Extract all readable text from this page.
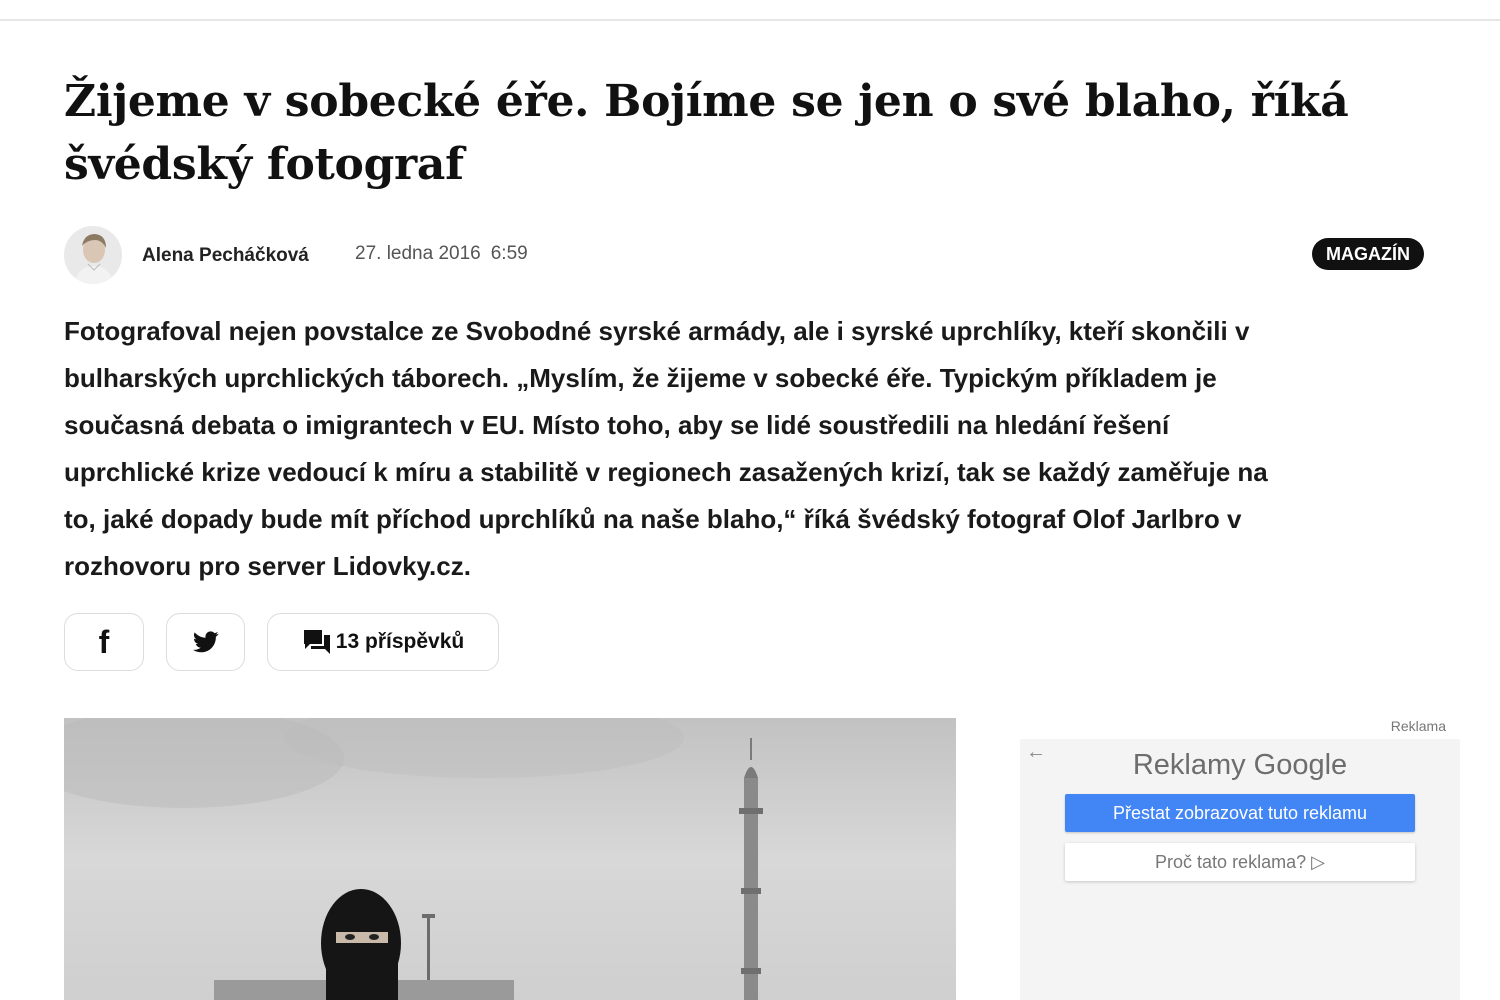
Žijeme v sobecké éře. Bojíme se jen o své blaho, říká švédský fotograf
Alena Pecháčková 27. ledna 2016 6:59	MAGAZÍN

Fotografoval nejen povstalce ze Svobodné syrské armády, ale i syrské uprchlíky, kteří skončili v bulharských uprchlických táborech. „Myslím, že žijeme v sobecké éře. Typickým příkladem je současná debata o imigrantech v EU. Místo toho, aby se lidé soustředili na hledání řešení uprchlické krize vedoucí k míru a stabilitě v regionech zasažených krizí, tak se každý zaměřuje na to, jaké dopady bude mít příchod uprchlíků na naše blaho,“ říká švédský fotograf Olof Jarlbro v rozhovoru pro server Lidovky.cz.

f	13 příspěvků
Reklama
←	Reklamy Google
Přestat zobrazovat tuto reklamu
Proč tato reklama? ▷
